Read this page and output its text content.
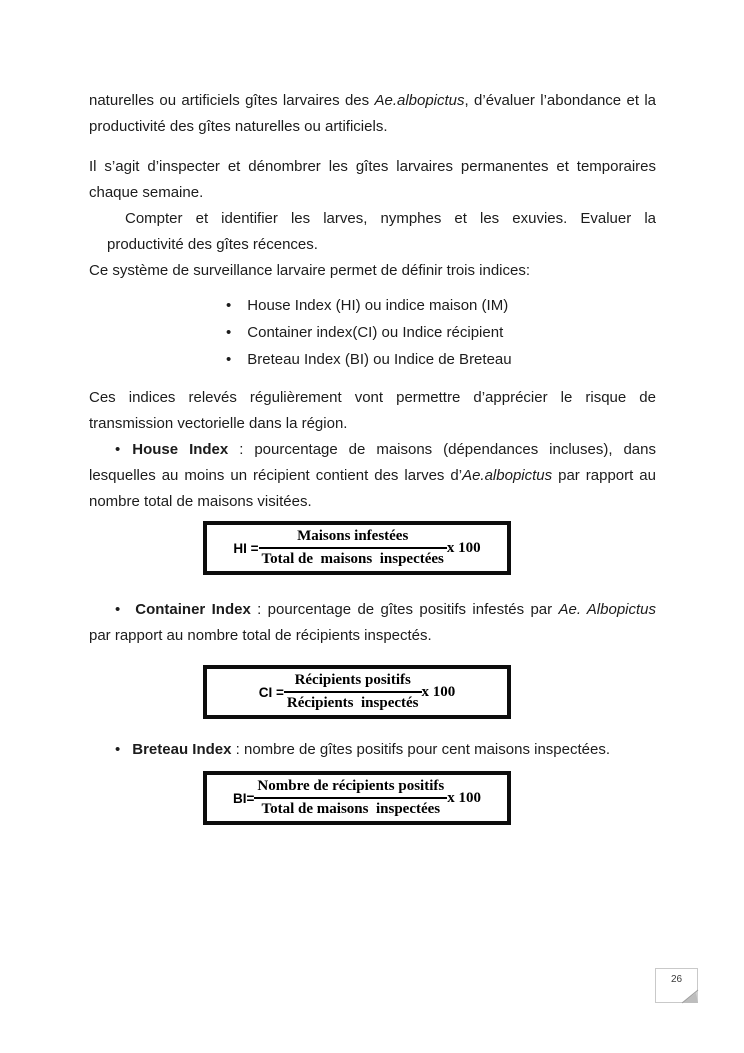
naturelles ou artificiels gîtes larvaires des Ae.albopictus, d’évaluer l’abondance et la
productivité des gîtes naturelles ou artificiels.
Il s’agit d’inspecter et dénombrer les gîtes larvaires permanentes et temporaires
chaque semaine.
Compter et identifier les larves, nymphes et les exuvies. Evaluer la
productivité des gîtes récences.
Ce système de surveillance larvaire permet de définir trois indices:
• House Index (HI) ou indice maison (IM)
• Container index(CI) ou Indice récipient
• Breteau Index (BI) ou Indice de Breteau
Ces indices relevés régulièrement vont permettre d’apprécier le risque de
transmission vectorielle dans la région.
• House Index : pourcentage de maisons (dépendances incluses), dans
lesquelles au moins un récipient contient des larves d’Ae.albopictus par rapport au
nombre total de maisons visitées.
HI = $\frac{\text{Maisons infestées}}{\text{Total de  maisons  inspectées}}$ x 100
• Container Index : pourcentage de gîtes positifs infestés par Ae. Albopictus
par rapport au nombre total de récipients inspectés.
CI = $\frac{\text{Récipients positifs}}{\text{Récipients  inspectés}}$ x 100
• Breteau Index : nombre de gîtes positifs pour cent maisons inspectées.
$BI= \frac{\text{Nombre de récipients positifs}}{\text{Total de maisons  inspectées}}$ x 100
26
